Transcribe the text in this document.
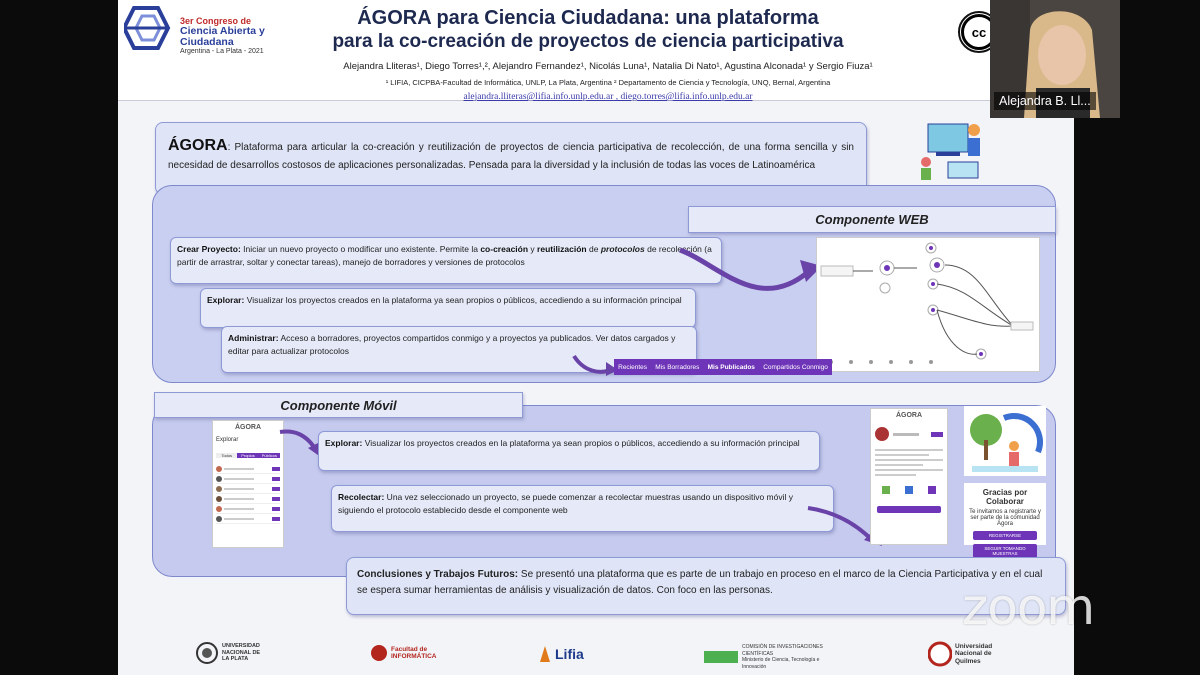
3er Congreso de
Ciencia Abierta y Ciudadana
Argentina - La Plata - 2021
ÁGORA para Ciencia Ciudadana: una plataforma
para la co-creación de proyectos de ciencia participativa
Alejandra Lliteras¹, Diego Torres¹,², Alejandro Fernandez¹, Nicolás Luna¹, Natalia Di Nato¹, Agustina Alconada¹ y Sergio Fiuza¹
¹ LIFIA, CICPBA-Facultad de Informática, UNLP, La Plata, Argentina ² Departamento de Ciencia y Tecnología, UNQ, Bernal, Argentina
alejandra.lliteras@lifia.info.unlp.edu.ar , diego.torres@lifia.info.unlp.edu.ar
cc
ÁGORA: Plataforma para articular la co-creación y reutilización de proyectos de ciencia participativa de recolección, de una forma sencilla y sin necesidad de desarrollos costosos de aplicaciones personalizadas. Pensada para la diversidad y la inclusión de todas las voces de Latinoamérica
Componente WEB
Crear Proyecto: Iniciar un nuevo proyecto o modificar uno existente. Permite la co-creación y reutilización de protocolos de recolección (a partir de arrastrar, soltar y conectar tareas), manejo de borradores y versiones de protocolos
Explorar: Visualizar los proyectos creados en la plataforma ya sean propios o públicos, accediendo a su información principal
Administrar: Acceso a borradores, proyectos compartidos conmigo y a proyectos ya publicados. Ver datos cargados y editar para actualizar protocolos
Recientes Mis Borradores Mis Publicados Compartidos Conmigo
Componente Móvil
ÁGORA
Explorar
Todos	Propios	Públicos
Explorar: Visualizar los proyectos creados en la plataforma ya sean propios o públicos, accediendo a su información principal
Recolectar: Una vez seleccionado un proyecto, se puede comenzar a recolectar muestras usando un dispositivo móvil y siguiendo el protocolo establecido desde el componente web
ÁGORA
Gracias por Colaborar
Te invitamos a registrarte y ser parte de la comunidad Ágora
REGISTRARSE
SEGUIR TOMANDO MUESTRAS
Conclusiones y Trabajos Futuros: Se presentó una plataforma que es parte de un trabajo en proceso en el marco de la Ciencia Participativa y en el cual se espera sumar herramientas de análisis y visualización de datos. Con foco en las personas.
UNIVERSIDAD NACIONAL DE LA PLATA
Facultad de INFORMÁTICA	Lifia	COMISIÓN DE INVESTIGACIONES CIENTÍFICAS
Ministerio de Ciencia, Tecnología e Innovación
Universidad Nacional de Quilmes
Alejandra B. Ll...
zoom
